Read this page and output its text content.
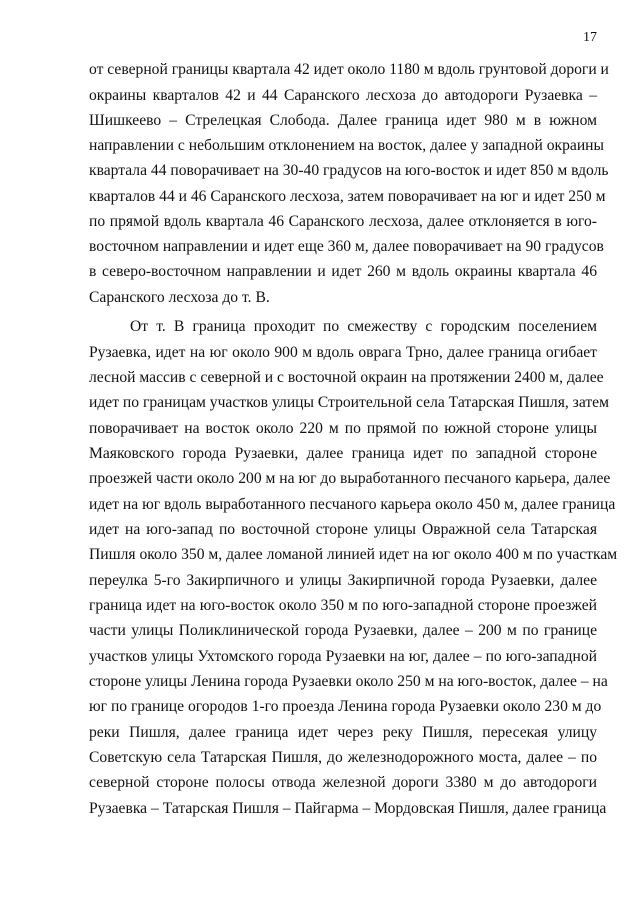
17
от северной границы квартала 42 идет около 1180 м вдоль грунтовой дороги и
окраины кварталов 42 и 44 Саранского лесхоза до автодороги Рузаевка –
Шишкеево – Стрелецкая Слобода. Далее граница идет 980 м в южном
направлении с небольшим отклонением на восток, далее у западной окраины
квартала 44 поворачивает на 30-40 градусов на юго-восток и идет 850 м вдоль
кварталов 44 и 46 Саранского лесхоза, затем поворачивает на юг и идет 250 м
по прямой вдоль квартала 46 Саранского лесхоза, далее отклоняется в юго-
восточном направлении и идет еще 360 м, далее поворачивает на 90 градусов
в северо-восточном направлении и идет 260 м вдоль окраины квартала 46
Саранского лесхоза до т. В.
От т. В граница проходит по смежеству с городским поселением
Рузаевка, идет на юг около 900 м вдоль оврага Трно, далее граница огибает
лесной массив с северной и с восточной окраин на протяжении 2400 м, далее
идет по границам участков улицы Строительной села Татарская Пишля, затем
поворачивает на восток около 220 м по прямой по южной стороне улицы
Маяковского города Рузаевки, далее граница идет по западной стороне
проезжей части около 200 м на юг до выработанного песчаного карьера, далее
идет на юг вдоль выработанного песчаного карьера около 450 м, далее граница
идет на юго-запад по восточной стороне улицы Овражной села Татарская
Пишля около 350 м, далее ломаной линией идет на юг около 400 м по участкам
переулка 5-го Закирпичного и улицы Закирпичной города Рузаевки, далее
граница идет на юго-восток около 350 м по юго-западной стороне проезжей
части улицы Поликлинической города Рузаевки, далее – 200 м по границе
участков улицы Ухтомского города Рузаевки на юг, далее – по юго-западной
стороне улицы Ленина города Рузаевки около 250 м на юго-восток, далее – на
юг по границе огородов 1-го проезда Ленина города Рузаевки около 230 м до
реки Пишля, далее граница идет через реку Пишля, пересекая улицу
Советскую села Татарская Пишля, до железнодорожного моста, далее – по
северной стороне полосы отвода железной дороги 3380 м до автодороги
Рузаевка – Татарская Пишля – Пайгарма – Мордовская Пишля, далее граница
